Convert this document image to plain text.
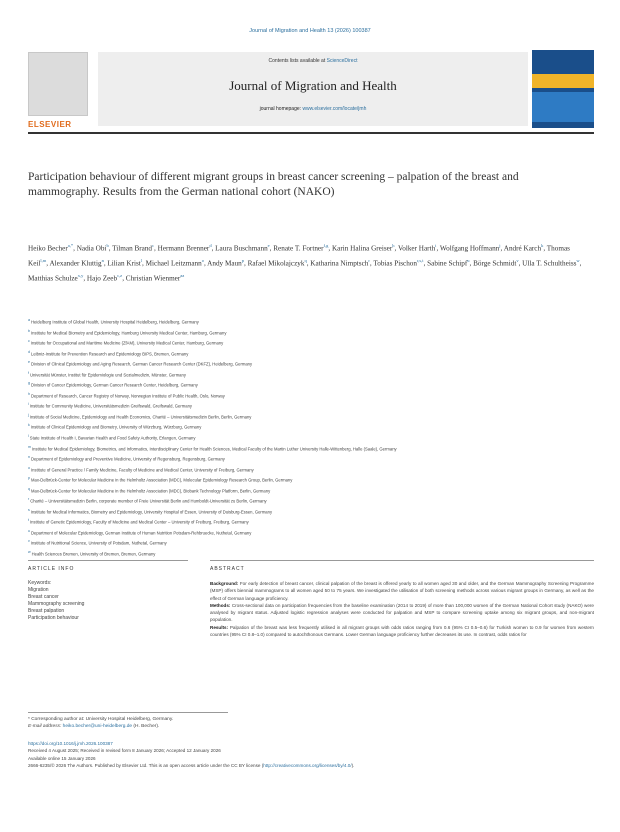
Journal of Migration and Health 13 (2026) 100387
ELSEVIER
Contents lists available at ScienceDirect
Journal of Migration and Health
journal homepage: www.elsevier.com/locate/jmh
Participation behaviour of different migrant groups in breast cancer screening – palpation of the breast and mammography. Results from the German national cohort (NAKO)
Heiko Becher$^{a,*}$, Nadia Obi$^b$, Tilman Brand$^c$, Hermann Brenner$^d$, Laura Buschmann$^e$, Renate T. Fortner$^{f,g}$, Karin Halina Greiser$^h$, Volker Harth$^i$, Wolfgang Hoffmann$^j$, André Karch$^k$, Thomas Keil$^{l,m}$, Alexander Kluttig$^n$, Lilian Krist$^l$, Michael Leitzmann$^o$, Andy Maun$^p$, Rafael Mikolajczyk$^q$, Katharina Nimptsch$^r$, Tobias Pischon$^{r,s,t}$, Sabine Schipf$^u$, Börge Schmidt$^v$, Ulla T. Schultheiss$^w$, Matthias Schulze$^{x,y}$, Hajo Zeeb$^{c,z}$, Christian Wienmer$^{aa}$
$^a$ Heidelberg Institute of Global Health, University Hospital Heidelberg, Heidelberg, Germany
$^b$ Institute for Medical Biometry and Epidemiology, Hamburg University Medical Center, Hamburg, Germany
$^c$ Institute for Occupational and Maritime Medicine (ZfAM), University Medical Center, Hamburg, Germany
$^d$ Leibniz-Institute for Prevention Research and Epidemiology BIPS, Bremen, Germany
$^e$ Division of Clinical Epidemiology and Aging Research, German Cancer Research Center (DKFZ), Heidelberg, Germany
$^f$ Universität Münster, Institut für Epidemiologie und Sozialmedizin, Münster, Germany
$^g$ Division of Cancer Epidemiology, German Cancer Research Center, Heidelberg, Germany
$^h$ Department of Research, Cancer Registry of Norway, Norwegian Institute of Public Health, Oslo, Norway
$^i$ Institute for Community Medicine, Universitätsmedizin Greifswald, Greifswald, Germany
$^j$ Institute of Social Medicine, Epidemiology and Health Economics, Charité – Universitätsmedizin Berlin, Berlin, Germany
$^k$ Institute of Clinical Epidemiology and Biometry, University of Würzburg, Würzburg, Germany
$^l$ State Institute of Health I, Bavarian Health and Food Safety Authority, Erlangen, Germany
$^m$ Institute for Medical Epidemiology, Biometrics, and Informatics, Interdisciplinary Center for Health Sciences, Medical Faculty of the Martin Luther University Halle-Wittenberg, Halle (Saale), Germany
$^n$ Department of Epidemiology and Preventive Medicine, University of Regensburg, Regensburg, Germany
$^o$ Institute of General Practice / Family Medicine, Faculty of Medicine and Medical Center, University of Freiburg, Germany
$^p$ Max-Delbrück-Center for Molecular Medicine in the Helmholtz Association (MDC), Molecular Epidemiology Research Group, Berlin, Germany
$^q$ Max-Delbrück-Center for Molecular Medicine in the Helmholtz Association (MDC), Biobank Technology Platform, Berlin, Germany
$^r$ Charité – Universitätsmedizin Berlin, corporate member of Freie Universität Berlin and Humboldt-Universität zu Berlin, Germany
$^s$ Institute for Medical Informatics, Biometry and Epidemiology, University Hospital of Essen, University of Duisburg-Essen, Germany
$^t$ Institute of Genetic Epidemiology, Faculty of Medicine and Medical Center – University of Freiburg, Freiburg, Germany
$^u$ Department of Molecular Epidemiology, German Institute of Human Nutrition Potsdam-Rehbruecke, Nuthetal, Germany
$^v$ Institute of Nutritional Science, University of Potsdam, Nuthetal, Germany
$^w$ Health Sciences Bremen, University of Bremen, Bremen, Germany
ARTICLE INFO
Keywords:
Migration
Breast cancer
Mammography screening
Breast palpation
Participation behaviour
ABSTRACT
Background: For early detection of breast cancer, clinical palpation of the breast is offered yearly to all women aged 30 and older, and the German Mammography Screening Programme (MSP) offers biennial mammograms to all women aged 50 to 75 years. We investigated the utilisation of both screening methods across various migrant groups in Germany, as well as the effect of German language proficiency.
Methods: Cross-sectional data on participation frequencies from the baseline examination (2014 to 2019) of more than 100,000 women of the German National Cohort study (NAKO) were analysed by migrant status. Adjusted logistic regression analyses were conducted for palpation and MSP to compare screening uptake among six migrant groups, and non-migrant population.
Results: Palpation of the breast was less frequently utilised in all migrant groups with odds ratios ranging from 0.6 (95% CI 0.5–0.6) for Turkish women to 0.9 for women from western countries (95% CI 0.8–1.0) compared to autochthonous Germans. Lower German language proficiency further decreases its use. In contrast, odds ratios for
* Corresponding author at: University Hospital Heidelberg, Germany.
E-mail address: heiko.becher@uni-heidelberg.de (H. Becher).
https://doi.org/10.1016/j.jmh.2026.100387
Received 4 August 2025; Received in revised form 8 January 2026; Accepted 12 January 2026
Available online 15 January 2026
2666-6235/© 2026 The Authors. Published by Elsevier Ltd. This is an open access article under the CC BY license (http://creativecommons.org/licenses/by/4.0/).
